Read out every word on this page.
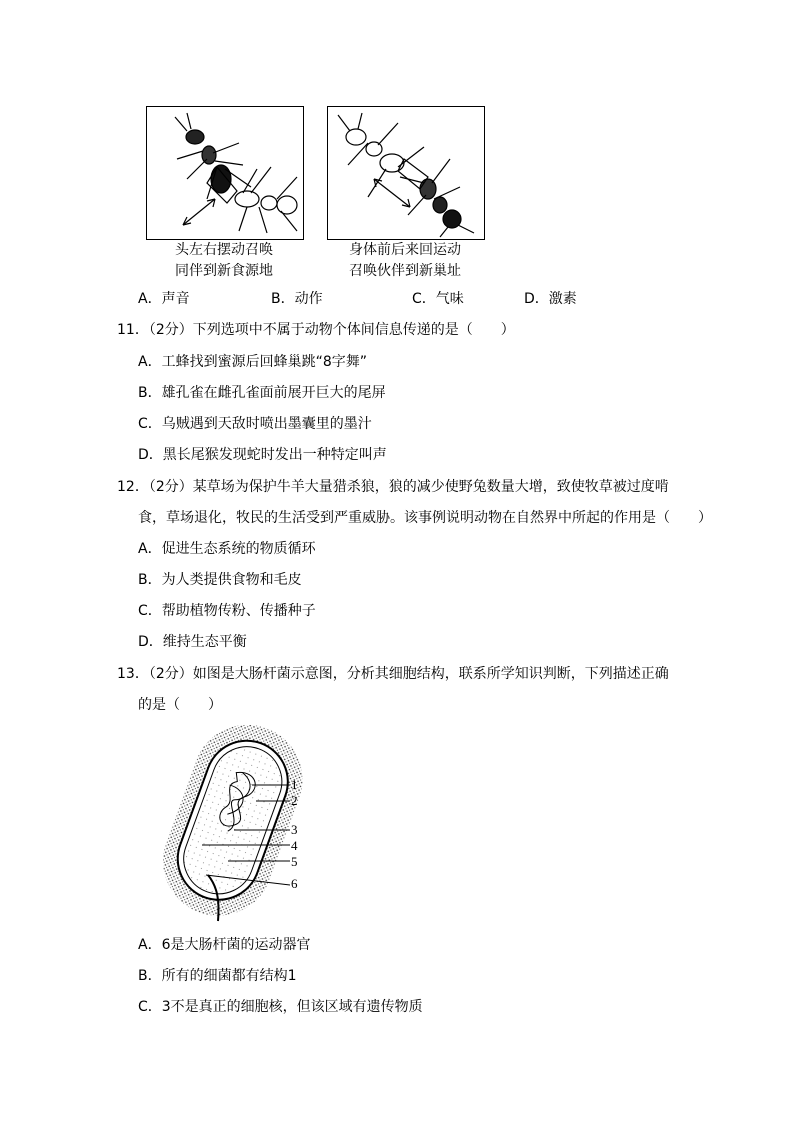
头左右摆动召唤
同伴到新食源地
身体前后来回运动
召唤伙伴到新巢址
A．声音	B．动作	C．气味	D．激素
11．（2分）下列选项中不属于动物个体间信息传递的是（　　）
A．工蜂找到蜜源后回蜂巢跳“8字舞”
B．雄孔雀在雌孔雀面前展开巨大的尾屏
C．乌贼遇到天敌时喷出墨囊里的墨汁
D．黑长尾猴发现蛇时发出一种特定叫声
12．（2分）某草场为保护牛羊大量猎杀狼，狼的减少使野兔数量大增，致使牧草被过度啃
食，草场退化，牧民的生活受到严重威胁。该事例说明动物在自然界中所起的作用是（　　）
A．促进生态系统的物质循环
B．为人类提供食物和毛皮
C．帮助植物传粉、传播种子
D．维持生态平衡
13．（2分）如图是大肠杆菌示意图，分析其细胞结构，联系所学知识判断，下列描述正确
的是（　　）
1
2
3
4
5
6
A．6是大肠杆菌的运动器官
B．所有的细菌都有结构1
C．3不是真正的细胞核，但该区域有遗传物质
